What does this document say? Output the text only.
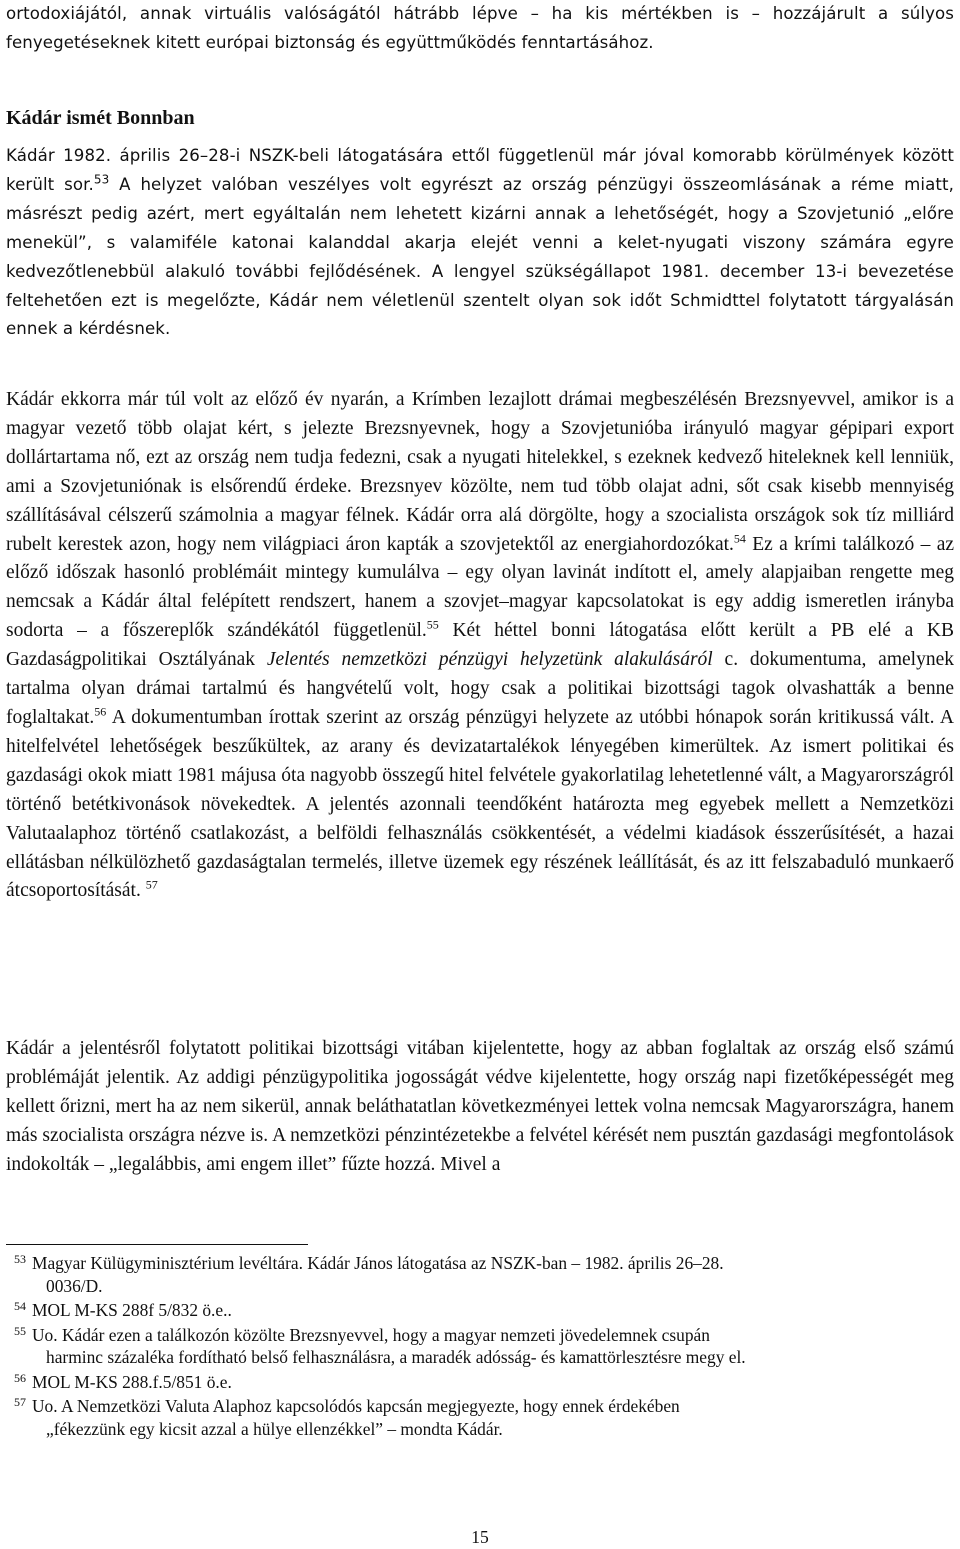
ortodoxiájától, annak virtuális valóságától hátrább lépve – ha kis mértékben is – hozzájárult a súlyos fenyegetéseknek kitett európai biztonság és együttműködés fenntartásához.

Kádár ismét Bonnban

Kádár 1982. április 26–28-i NSZK-beli látogatására ettől függetlenül már jóval komorabb körülmények között került sor.$^{53}$ A helyzet valóban veszélyes volt egyrészt az ország pénzügyi összeomlásának a réme miatt, másrészt pedig azért, mert egyáltalán nem lehetett kizárni annak a lehetőségét, hogy a Szovjetunió „előre menekül”, s valamiféle katonai kalanddal akarja elejét venni a kelet-nyugati viszony számára egyre kedvezőtlenebbül alakuló további fejlődésének. A lengyel szükségállapot 1981. december 13-i bevezetése feltehetően ezt is megelőzte, Kádár nem véletlenül szentelt olyan sok időt Schmidttel folytatott tárgyalásán ennek a kérdésnek.

Kádár ekkorra már túl volt az előző év nyarán, a Krímben lezajlott drámai megbeszélésén Brezsnyevvel, amikor is a magyar vezető több olajat kért, s jelezte Brezsnyevnek, hogy a Szovjetunióba irányuló magyar gépipari export dollártartama nő, ezt az ország nem tudja fedezni, csak a nyugati hitelekkel, s ezeknek kedvező hiteleknek kell lenniük, ami a Szovjetuniónak is elsőrendű érdeke. Brezsnyev közölte, nem tud több olajat adni, sőt csak kisebb mennyiség szállításával célszerű számolnia a magyar félnek. Kádár orra alá dörgölte, hogy a szocialista országok sok tíz milliárd rubelt kerestek azon, hogy nem világpiaci áron kapták a szovjetektől az energiahordozókat.$^{54}$ Ez a krími találkozó – az előző időszak hasonló problémáit mintegy kumulálva – egy olyan lavinát indított el, amely alapjaiban rengette meg nemcsak a Kádár által felépített rendszert, hanem a szovjet–magyar kapcsolatokat is egy addig ismeretlen irányba sodorta – a főszereplők szándékától függetlenül.$^{55}$ Két héttel bonni látogatása előtt került a PB elé a KB Gazdaságpolitikai Osztályának Jelentés nemzetközi pénzügyi helyzetünk alakulásáról c. dokumentuma, amelynek tartalma olyan drámai tartalmú és hangvételű volt, hogy csak a politikai bizottsági tagok olvashatták a benne foglaltakat.$^{56}$ A dokumentumban írottak szerint az ország pénzügyi helyzete az utóbbi hónapok során kritikussá vált. A hitelfelvétel lehetőségek beszűkültek, az arany és devizatartalékok lényegében kimerültek. Az ismert politikai és gazdasági okok miatt 1981 májusa óta nagyobb összegű hitel felvétele gyakorlatilag lehetetlenné vált, a Magyarországról történő betétkivonások növekedtek. A jelentés azonnali teendőként határozta meg egyebek mellett a Nemzetközi Valutaalaphoz történő csatlakozást, a belföldi felhasználás csökkentését, a védelmi kiadások ésszerűsítését, a hazai ellátásban nélkülözhető gazdaságtalan termelés, illetve üzemek egy részének leállítását, és az itt felszabaduló munkaerő átcsoportosítását. $^{57}$

Kádár a jelentésről folytatott politikai bizottsági vitában kijelentette, hogy az abban foglaltak az ország első számú problémáját jelentik. Az addigi pénzügypolitika jogosságát védve kijelentette, hogy ország napi fizetőképességét meg kellett őrizni, mert ha az nem sikerül, annak beláthatatlan következményei lettek volna nemcsak Magyarországra, hanem más szocialista országra nézve is. A nemzetközi pénzintézetekbe a felvétel kérését nem pusztán gazdasági megfontolások indokolták – „legalábbis, ami engem illet” fűzte hozzá. Mivel a

53 Magyar Külügyminisztérium levéltára. Kádár János látogatása az NSZK-ban – 1982. április 26–28.
0036/D.
54 MOL M-KS 288f 5/832 ö.e..
55 Uo. Kádár ezen a találkozón közölte Brezsnyevvel, hogy a magyar nemzeti jövedelemnek csupán
harminc százaléka fordítható belső felhasználásra, a maradék adósság- és kamattörlesztésre megy el.
56 MOL M-KS 288.f.5/851 ö.e.
57 Uo. A Nemzetközi Valuta Alaphoz kapcsolódós kapcsán megjegyezte, hogy ennek érdekében
„fékezzünk egy kicsit azzal a hülye ellenzékkel” – mondta Kádár.
15
